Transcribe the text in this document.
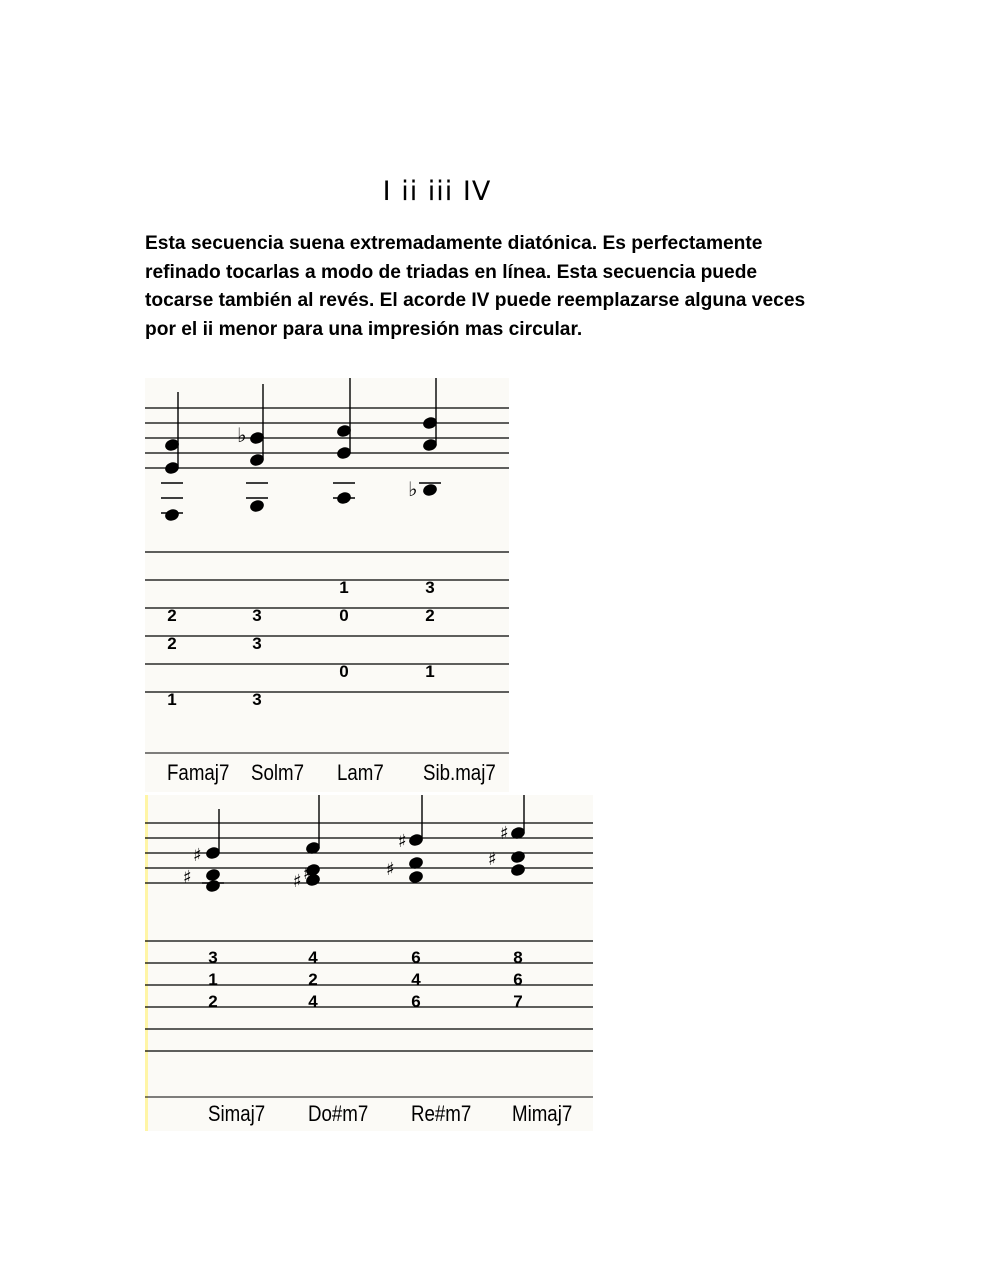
I ii iii IV

Esta secuencia suena extremadamente diatónica. Es perfectamente
refinado tocarlas a modo de triadas en línea. Esta secuencia puede
tocarse también al revés. El acorde IV puede reemplazarse alguna veces
por el ii menor para una impresión mas circular.

♭
♭
2
2
1
3
3
3
1
0
0
3
2
1
Famaj7 Solm7 Lam7 Sib.maj7
♯
♯	♯ ♯
♯
♯
♯
♯
3
1
2
4
2
4
6
4
6
8
6
7
Simaj7 Do#m7 Re#m7 Mimaj7
